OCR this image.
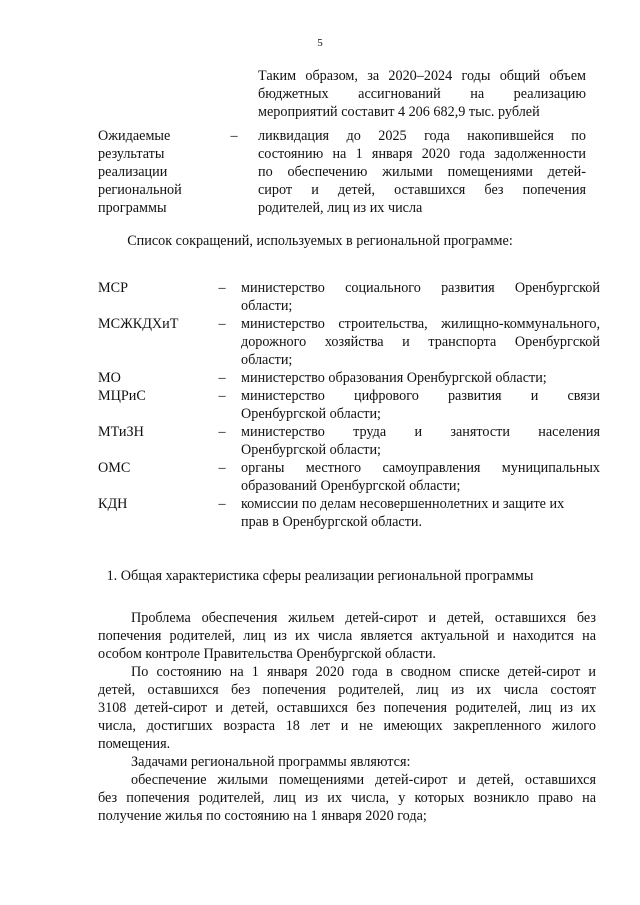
5
Таким образом, за 2020–2024 годы общий объем
бюджетных ассигнований на реализацию
мероприятий составит 4 206 682,9 тыс. рублей
Ожидаемые
результаты
реализации
региональной
программы
– ликвидация до 2025 года накопившейся по
состоянию на 1 января 2020 года задолженности
по обеспечению жилыми помещениями детей-
сирот и детей, оставшихся без попечения
родителей, лиц из их числа
Список сокращений, используемых в региональной программе:
МСР	– министерство социального развития Оренбургской
области;
МСЖКДХиТ	– министерство строительства, жилищно-коммунального,
дорожного хозяйства и транспорта Оренбургской
области;
МО	– министерство образования Оренбургской области;
МЦРиС	– министерство цифрового развития и связи
Оренбургской области;
МТиЗН	– министерство труда и занятости населения
Оренбургской области;
ОМС	– органы местного самоуправления муниципальных
образований Оренбургской области;
КДН	– комиссии по делам несовершеннолетних и защите их
прав в Оренбургской области.
1. Общая характеристика сферы реализации региональной программы
Проблема обеспечения жильем детей-сирот и детей, оставшихся без
попечения родителей, лиц из их числа является актуальной и находится на
особом контроле Правительства Оренбургской области.
По состоянию на 1 января 2020 года в сводном списке детей-сирот и
детей, оставшихся без попечения родителей, лиц из их числа состоят
3108 детей-сирот и детей, оставшихся без попечения родителей, лиц из их
числа, достигших возраста 18 лет и не имеющих закрепленного жилого
помещения.
Задачами региональной программы являются:
обеспечение жилыми помещениями детей-сирот и детей, оставшихся
без попечения родителей, лиц из их числа, у которых возникло право на
получение жилья по состоянию на 1 января 2020 года;
